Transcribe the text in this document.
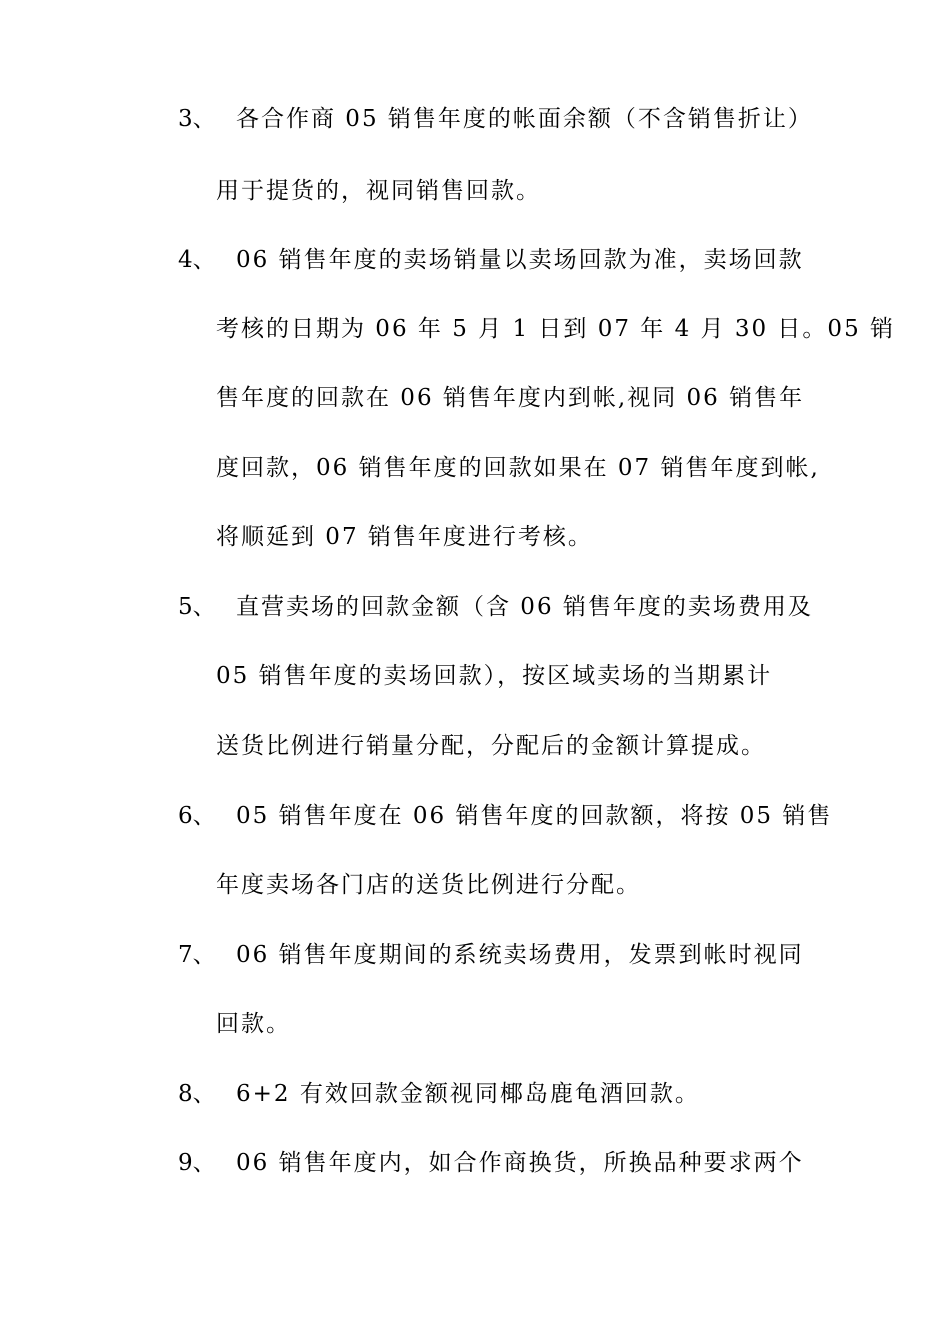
3、 各合作商 05 销售年度的帐面余额（不含销售折让）
用于提货的，视同销售回款。
4、 06 销售年度的卖场销量以卖场回款为准，卖场回款
考核的日期为 06 年 5 月 1 日到 07 年 4 月 30 日。05 销
售年度的回款在 06 销售年度内到帐,视同 06 销售年
度回款，06 销售年度的回款如果在 07 销售年度到帐,
将顺延到 07 销售年度进行考核。
5、 直营卖场的回款金额（含 06 销售年度的卖场费用及
05 销售年度的卖场回款），按区域卖场的当期累计
送货比例进行销量分配，分配后的金额计算提成。
6、 05 销售年度在 06 销售年度的回款额，将按 05 销售
年度卖场各门店的送货比例进行分配。
7、 06 销售年度期间的系统卖场费用，发票到帐时视同
回款。
8、 6+2 有效回款金额视同椰岛鹿龟酒回款。
9、 06 销售年度内，如合作商换货，所换品种要求两个
